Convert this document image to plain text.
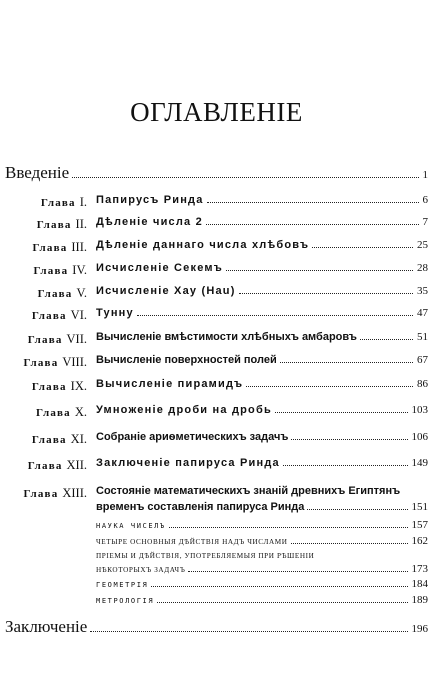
ОГЛАВЛЕНІЕ
Введеніе	1
Глава I. Папирусъ Ринда	6
Глава II. Дѣленіе числа 2	7
Глава III. Дѣленіе даннаго числа хлѣбовъ	25
Глава IV. Исчисленіе Секемъ	28
Глава V. Исчисленіе Хау (Нau)	35
Глава VI. Тунну	47
Глава VII. Вычисленіе вмѣстимости хлѣбныхъ амбаровъ	51
Глава VIII. Вычисленіе поверхностей полей	67
Глава IX. Вычисленіе пирамидъ	86
Глава X. Умноженіе дроби на дробь	103
Глава XI. Собраніе ариѳметическихъ задачъ	106
Глава XII. Заключеніе папируса Ринда	149
Глава XIII. Состояніе математическихъ знаній древнихъ Египтянъ
временъ составленія папируса Ринда	151
НАУКА ЧИСЕЛЪ	157
ЧЕТЫРЕ ОСНОВНЫЯ ДѢЙСТВІЯ НАДЪ ЧИСЛАМИ	162
ПРІЕМЫ И ДѢЙСТВІЯ, УПОТРЕБЛЯЕМЫЯ ПРИ РѢШЕНІИ
НѢКОТОРЫХЪ ЗАДАЧЪ	173
ГЕОМЕТРІЯ	184
МЕТРОЛОГІЯ	189
Заключеніе	196
